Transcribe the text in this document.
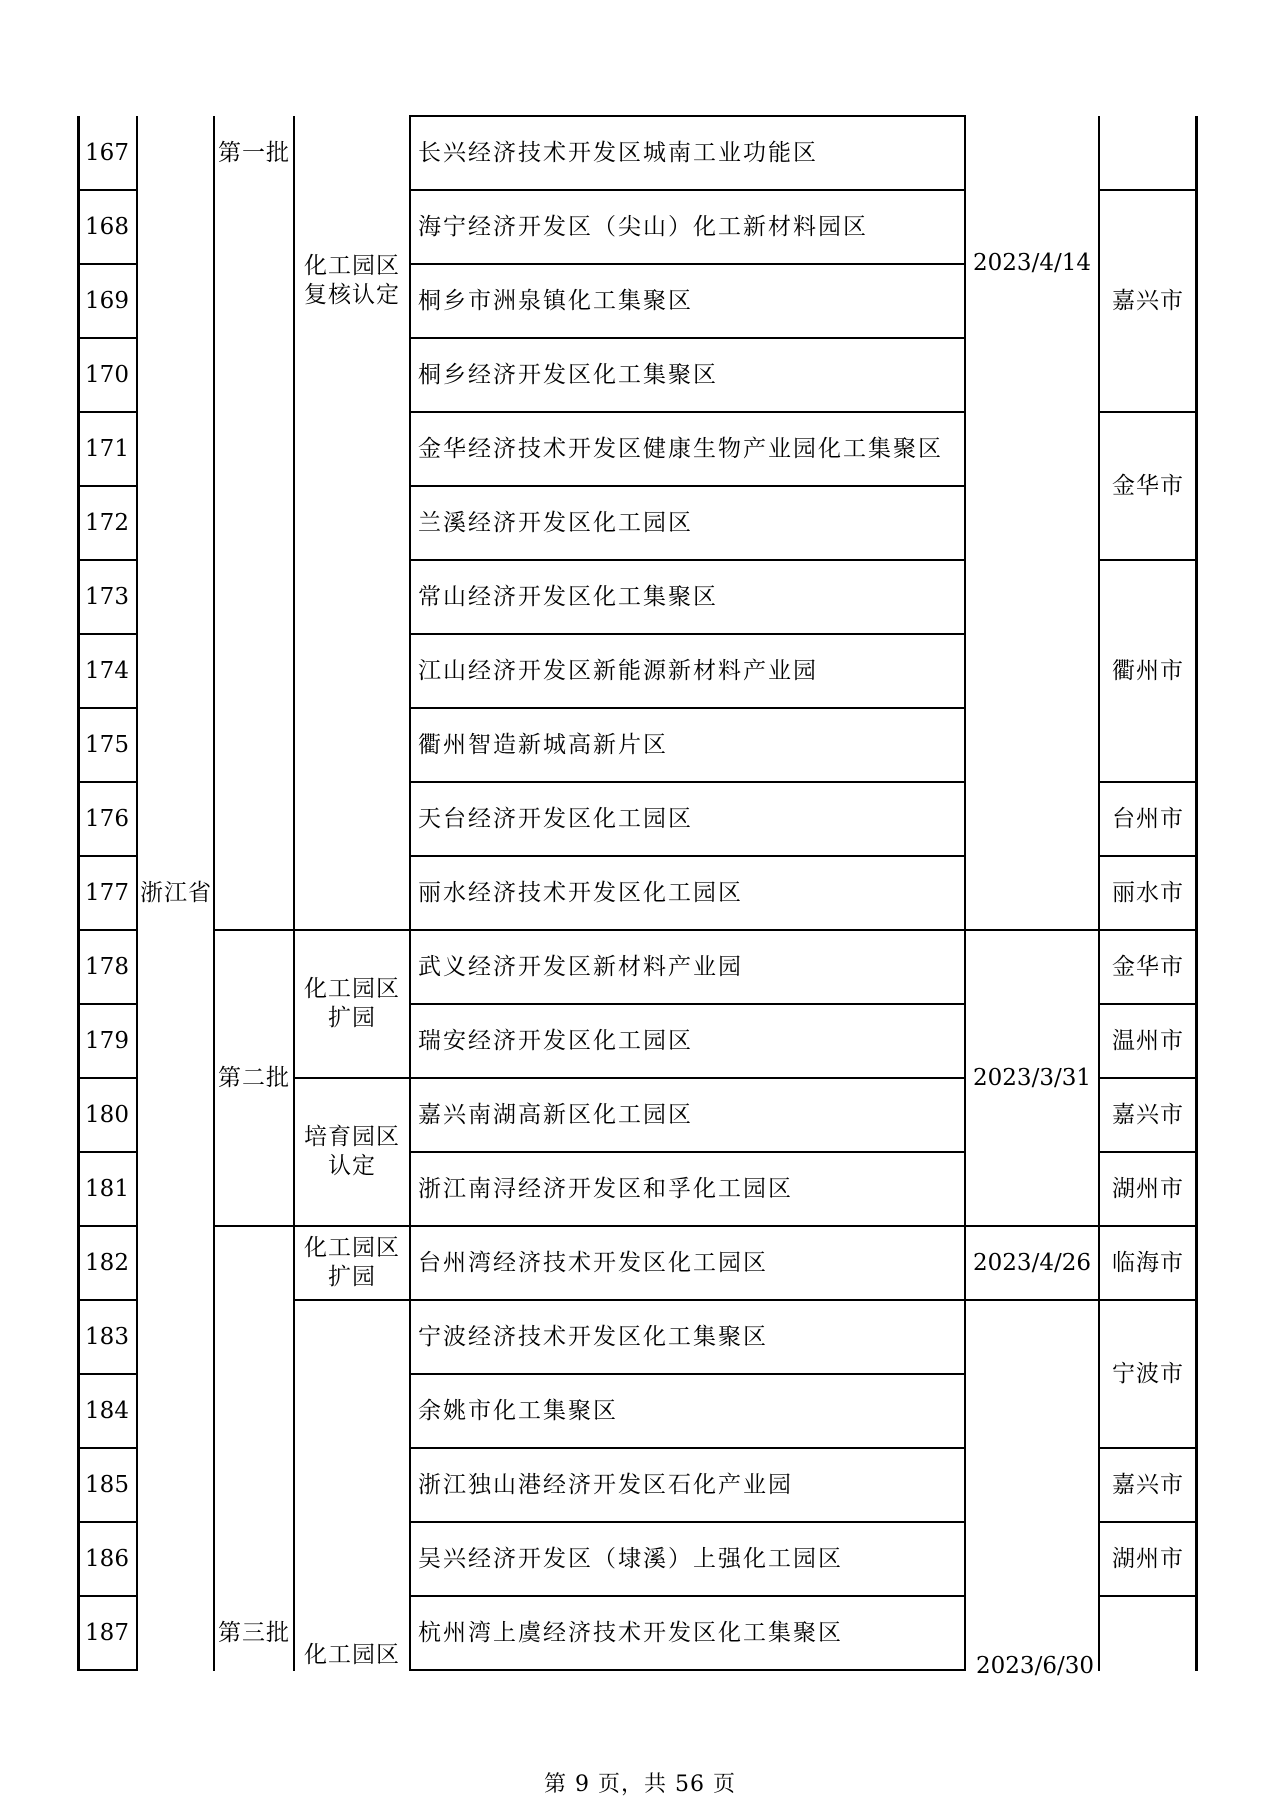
167
168
169
170
171
172
173
174
175
176
177
178
179
180
181
182
183
184
185
186
187
浙江省
第一批
第二批
第三批
化工园区复核认定
化工园区扩园
培育园区认定
化工园区扩园
化工园区
长兴经济技术开发区城南工业功能区
海宁经济开发区（尖山）化工新材料园区
桐乡市洲泉镇化工集聚区
桐乡经济开发区化工集聚区
金华经济技术开发区健康生物产业园化工集聚区
兰溪经济开发区化工园区
常山经济开发区化工集聚区
江山经济开发区新能源新材料产业园
衢州智造新城高新片区
天台经济开发区化工园区
丽水经济技术开发区化工园区
武义经济开发区新材料产业园
瑞安经济开发区化工园区
嘉兴南湖高新区化工园区
浙江南浔经济开发区和孚化工园区
台州湾经济技术开发区化工园区
宁波经济技术开发区化工集聚区
余姚市化工集聚区
浙江独山港经济开发区石化产业园
吴兴经济开发区（埭溪）上强化工园区
杭州湾上虞经济技术开发区化工集聚区
2023/4/14
2023/3/31
2023/4/26
2023/6/30
嘉兴市
金华市
衢州市
台州市
丽水市
金华市
温州市
嘉兴市
湖州市
临海市
宁波市
嘉兴市
湖州市
第 9 页，共 56 页
